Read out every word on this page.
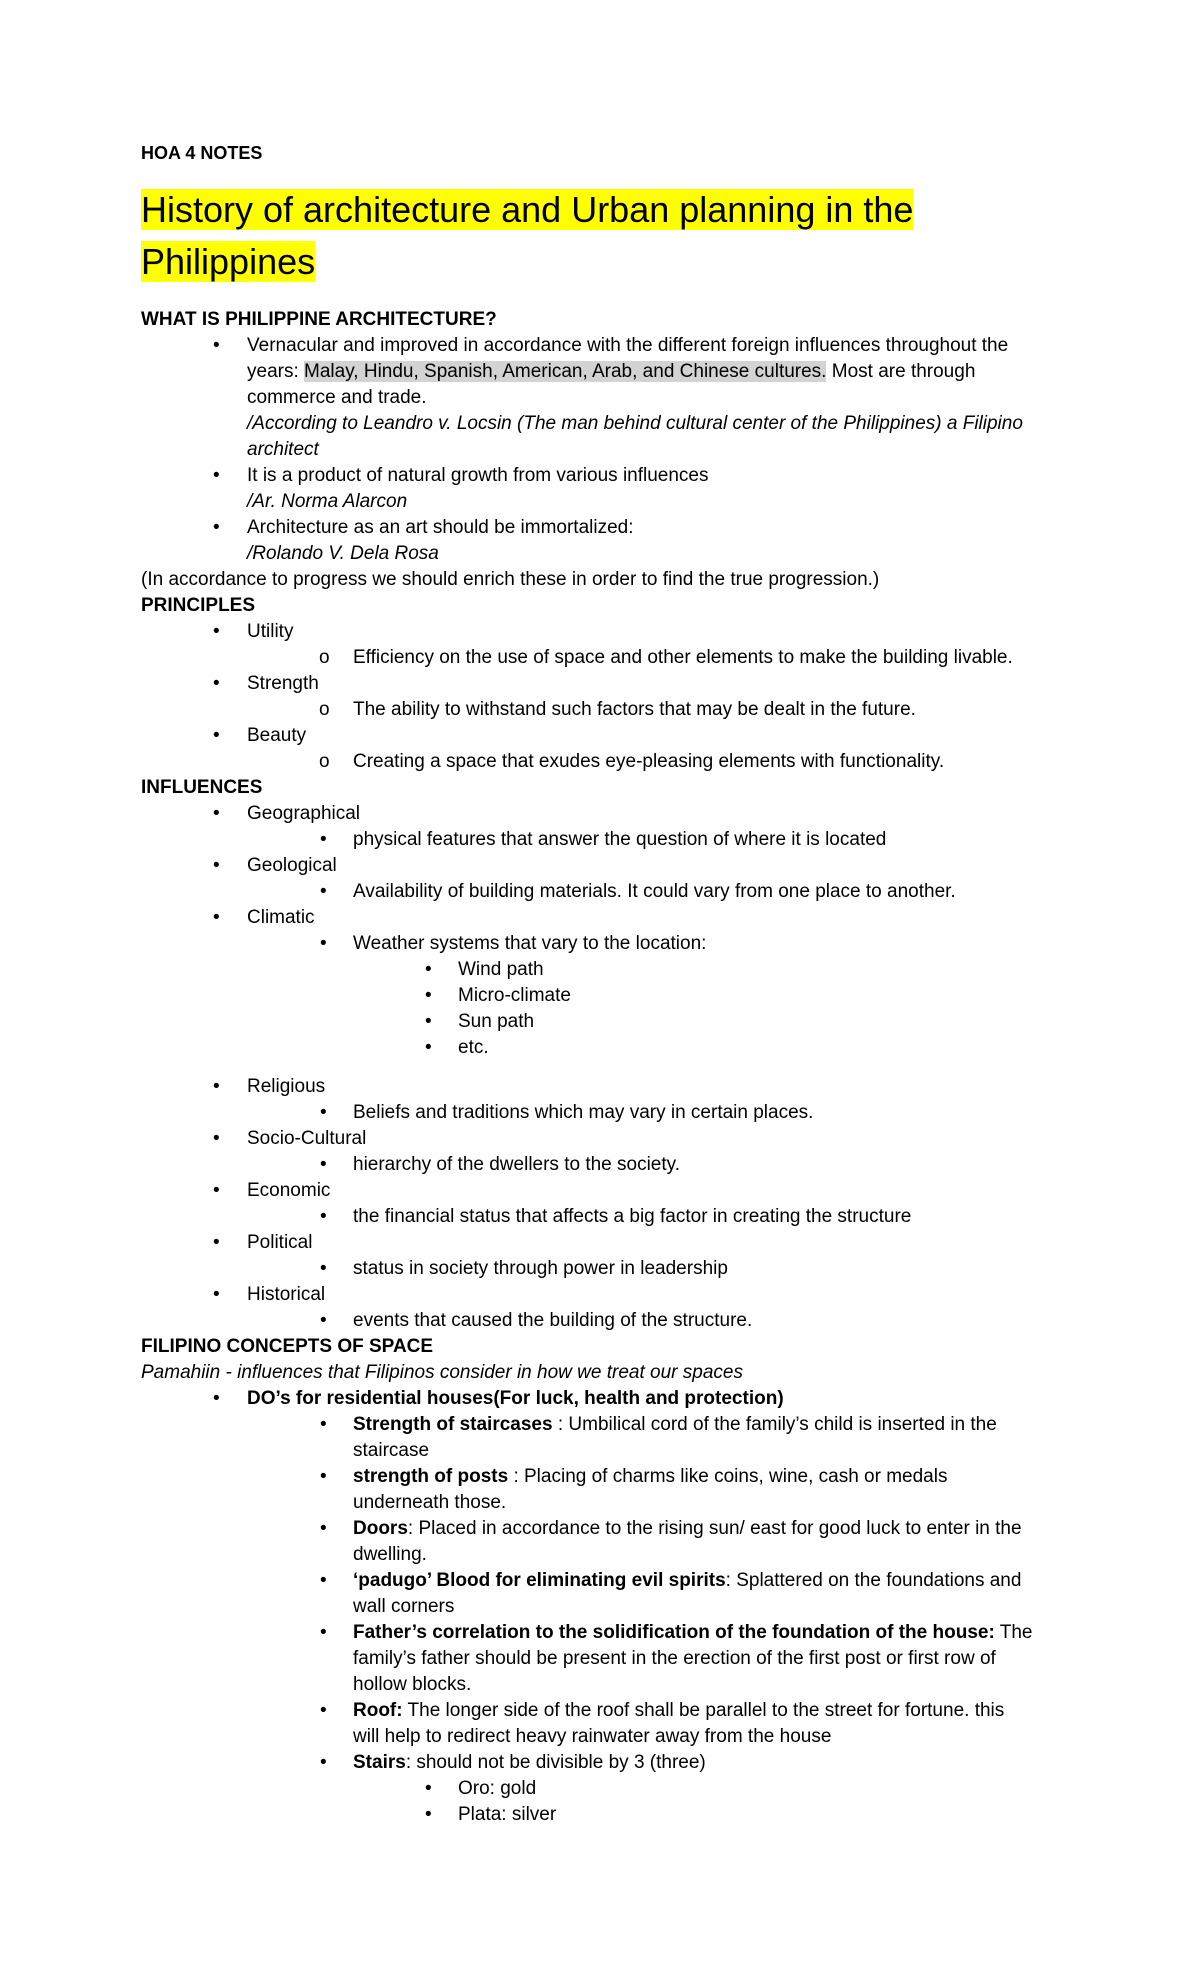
HOA 4 NOTES
History of architecture and Urban planning in the
Philippines
WHAT IS PHILIPPINE ARCHITECTURE?
• Vernacular and improved in accordance with the different foreign influences throughout the
years: Malay, Hindu, Spanish, American, Arab, and Chinese cultures. Most are through
commerce and trade.
/According to Leandro v. Locsin (The man behind cultural center of the Philippines) a Filipino
architect
• It is a product of natural growth from various influences
/Ar. Norma Alarcon
• Architecture as an art should be immortalized:
/Rolando V. Dela Rosa
(In accordance to progress we should enrich these in order to find the true progression.)
PRINCIPLES
• Utility
o Efficiency on the use of space and other elements to make the building livable.
• Strength
o The ability to withstand such factors that may be dealt in the future.
• Beauty
o Creating a space that exudes eye-pleasing elements with functionality.
INFLUENCES
• Geographical
• physical features that answer the question of where it is located
• Geological
• Availability of building materials. It could vary from one place to another.
• Climatic
• Weather systems that vary to the location:
• Wind path
• Micro-climate
• Sun path
• etc.
• Religious
• Beliefs and traditions which may vary in certain places.
• Socio-Cultural
• hierarchy of the dwellers to the society.
• Economic
• the financial status that affects a big factor in creating the structure
• Political
• status in society through power in leadership
• Historical
• events that caused the building of the structure.
FILIPINO CONCEPTS OF SPACE
Pamahiin - influences that Filipinos consider in how we treat our spaces
• DO’s for residential houses(For luck, health and protection)
• Strength of staircases : Umbilical cord of the family’s child is inserted in the
staircase
• strength of posts : Placing of charms like coins, wine, cash or medals
underneath those.
• Doors: Placed in accordance to the rising sun/ east for good luck to enter in the
dwelling.
• ‘padugo’ Blood for eliminating evil spirits: Splattered on the foundations and
wall corners
• Father’s correlation to the solidification of the foundation of the house: The
family’s father should be present in the erection of the first post or first row of
hollow blocks.
• Roof: The longer side of the roof shall be parallel to the street for fortune. this
will help to redirect heavy rainwater away from the house
• Stairs: should not be divisible by 3 (three)
• Oro: gold
• Plata: silver
